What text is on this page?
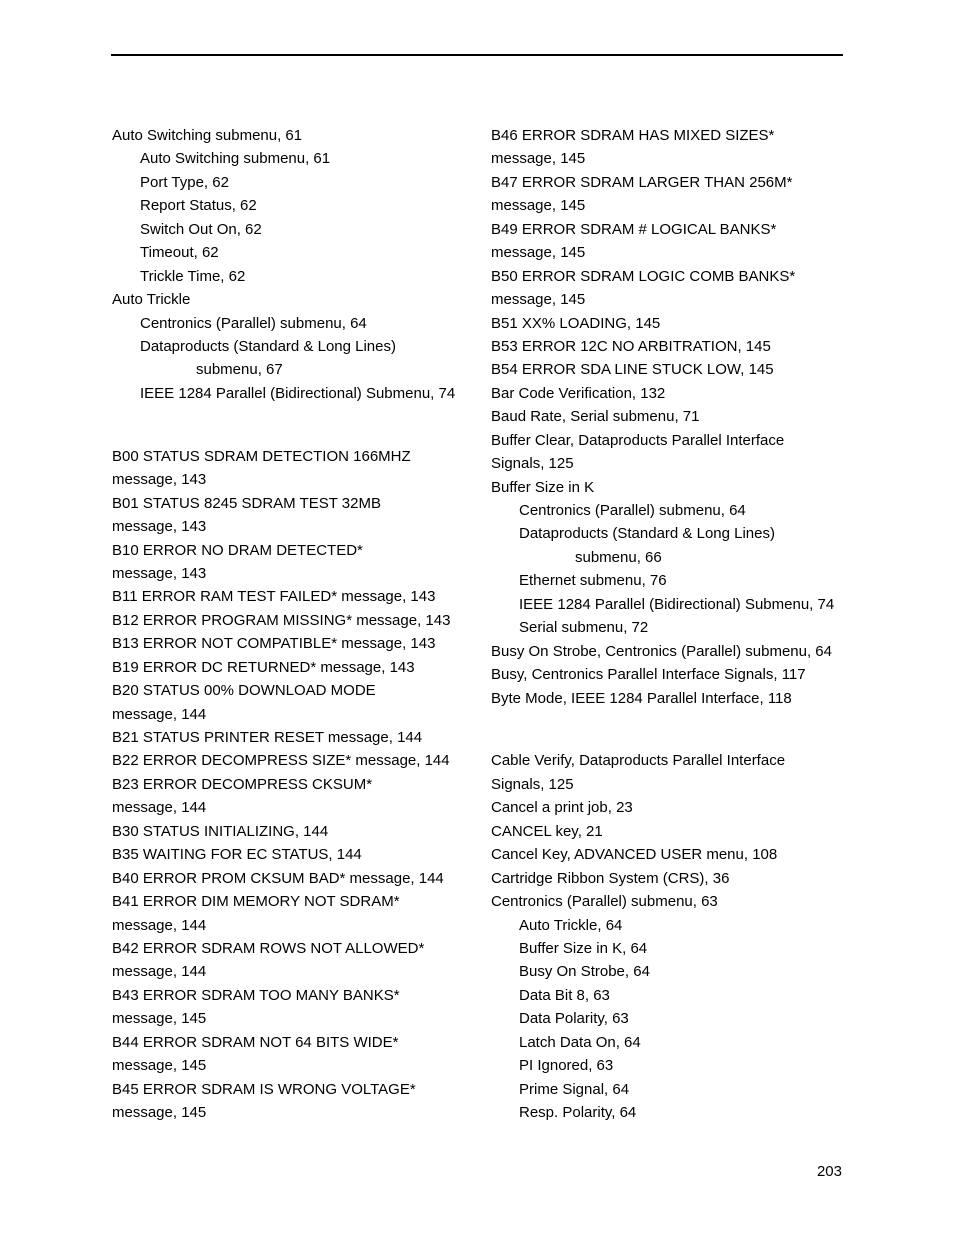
Auto Switching submenu, 61
Auto Switching submenu, 61
Port Type, 62
Report Status, 62
Switch Out On, 62
Timeout, 62
Trickle Time, 62
Auto Trickle
Centronics (Parallel) submenu, 64
Dataproducts (Standard & Long Lines)
submenu, 67
IEEE 1284 Parallel (Bidirectional) Submenu, 74
B00 STATUS SDRAM DETECTION 166MHZ
message, 143
B01 STATUS 8245 SDRAM TEST 32MB
message, 143
B10 ERROR NO DRAM DETECTED*
message, 143
B11 ERROR RAM TEST FAILED* message, 143
B12 ERROR PROGRAM MISSING* message, 143
B13 ERROR NOT COMPATIBLE* message, 143
B19 ERROR DC RETURNED* message, 143
B20 STATUS 00% DOWNLOAD MODE
message, 144
B21 STATUS PRINTER RESET message, 144
B22 ERROR DECOMPRESS SIZE* message, 144
B23 ERROR DECOMPRESS CKSUM*
message, 144
B30 STATUS INITIALIZING, 144
B35 WAITING FOR EC STATUS, 144
B40 ERROR PROM CKSUM BAD* message, 144
B41 ERROR DIM MEMORY NOT SDRAM*
message, 144
B42 ERROR SDRAM ROWS NOT ALLOWED*
message, 144
B43 ERROR SDRAM TOO MANY BANKS*
message, 145
B44 ERROR SDRAM NOT 64 BITS WIDE*
message, 145
B45 ERROR SDRAM IS WRONG VOLTAGE*
message, 145
B46 ERROR SDRAM HAS MIXED SIZES*
message, 145
B47 ERROR SDRAM LARGER THAN 256M*
message, 145
B49 ERROR SDRAM # LOGICAL BANKS*
message, 145
B50 ERROR SDRAM LOGIC COMB BANKS*
message, 145
B51 XX% LOADING, 145
B53 ERROR 12C NO ARBITRATION, 145
B54 ERROR SDA LINE STUCK LOW, 145
Bar Code Verification, 132
Baud Rate, Serial submenu, 71
Buffer Clear, Dataproducts Parallel Interface
Signals, 125
Buffer Size in K
Centronics (Parallel) submenu, 64
Dataproducts (Standard & Long Lines)
submenu, 66
Ethernet submenu, 76
IEEE 1284 Parallel (Bidirectional) Submenu, 74
Serial submenu, 72
Busy On Strobe, Centronics (Parallel) submenu, 64
Busy, Centronics Parallel Interface Signals, 117
Byte Mode, IEEE 1284 Parallel Interface, 118
Cable Verify, Dataproducts Parallel Interface
Signals, 125
Cancel a print job, 23
CANCEL key, 21
Cancel Key, ADVANCED USER menu, 108
Cartridge Ribbon System (CRS), 36
Centronics (Parallel) submenu, 63
Auto Trickle, 64
Buffer Size in K, 64
Busy On Strobe, 64
Data Bit 8, 63
Data Polarity, 63
Latch Data On, 64
PI Ignored, 63
Prime Signal, 64
Resp. Polarity, 64
203
